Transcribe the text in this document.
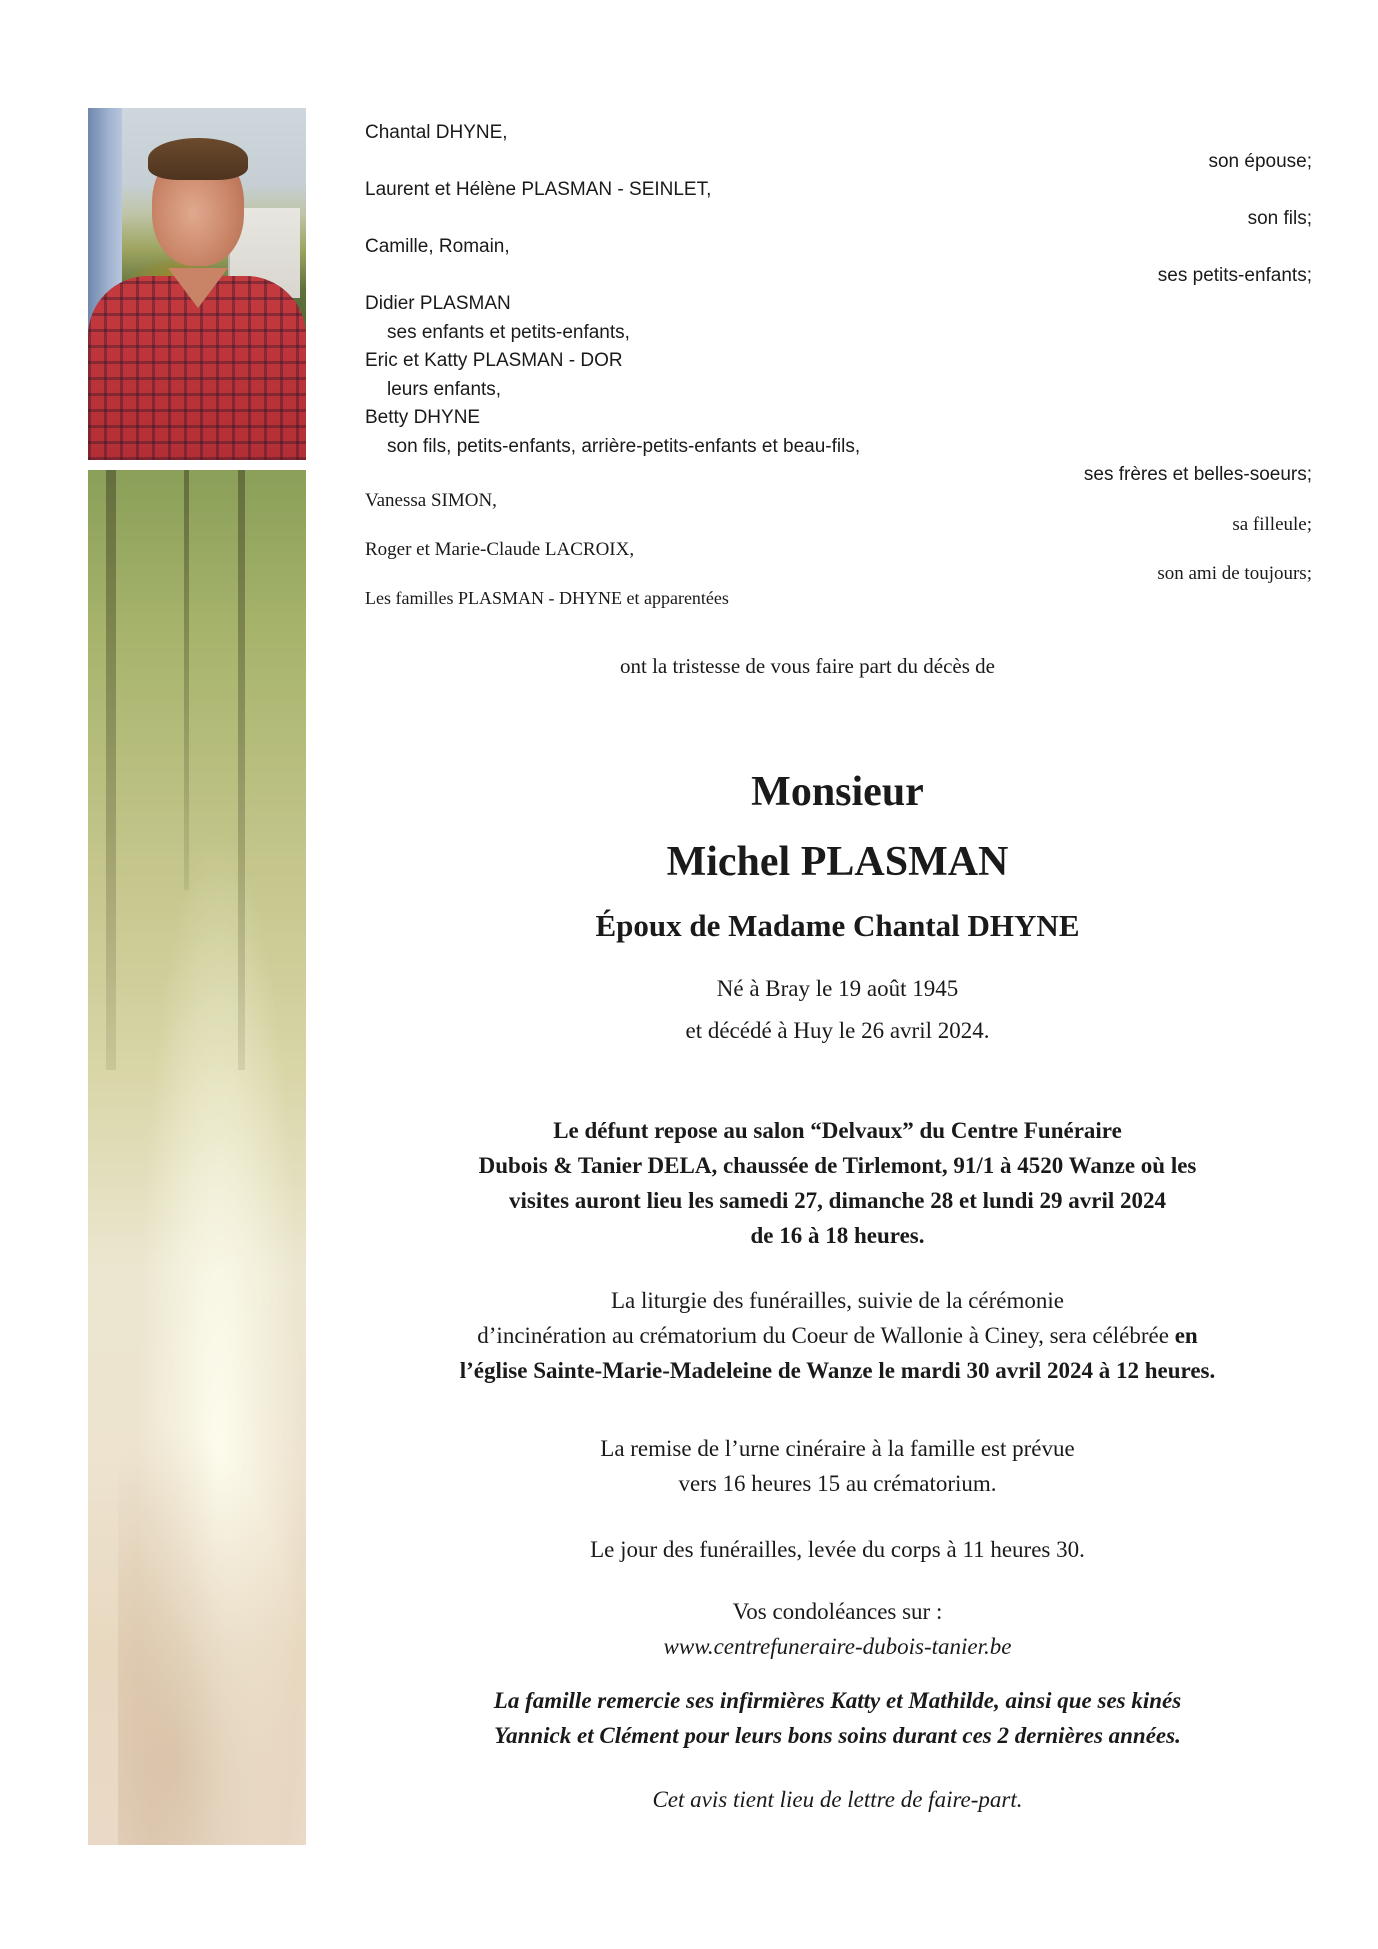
Chantal DHYNE,
Laurent et Hélène PLASMAN - SEINLET,
Camille, Romain,
Didier PLASMAN
ses enfants et petits-enfants,
Eric et Katty PLASMAN - DOR
leurs enfants,
Betty DHYNE
son fils, petits-enfants, arrière-petits-enfants et beau-fils,
Vanessa SIMON,
Roger et Marie-Claude LACROIX,
Les familles PLASMAN - DHYNE et apparentées
son épouse;
son fils;
ses petits-enfants;
ses frères et belles-soeurs;
sa filleule;
son ami de toujours;
ont la tristesse de vous faire part du décès de
Monsieur
Michel PLASMAN
Époux de Madame Chantal DHYNE
Né à Bray le 19 août 1945
et décédé à Huy le 26 avril 2024.
Le défunt repose au salon “Delvaux” du Centre Funéraire
Dubois & Tanier DELA, chaussée de Tirlemont, 91/1 à 4520 Wanze où les
visites auront lieu les samedi 27, dimanche 28 et lundi 29 avril 2024
de 16 à 18 heures.
La liturgie des funérailles, suivie de la cérémonie
d’incinération au crématorium du Coeur de Wallonie à Ciney, sera célébrée en
l’église Sainte-Marie-Madeleine de Wanze le mardi 30 avril 2024 à 12 heures.
La remise de l’urne cinéraire à la famille est prévue
vers 16 heures 15 au crématorium.
Le jour des funérailles, levée du corps à 11 heures 30.
Vos condoléances sur :
www.centrefuneraire-dubois-tanier.be
La famille remercie ses infirmières Katty et Mathilde, ainsi que ses kinés
Yannick et Clément pour leurs bons soins durant ces 2 dernières années.
Cet avis tient lieu de lettre de faire-part.
